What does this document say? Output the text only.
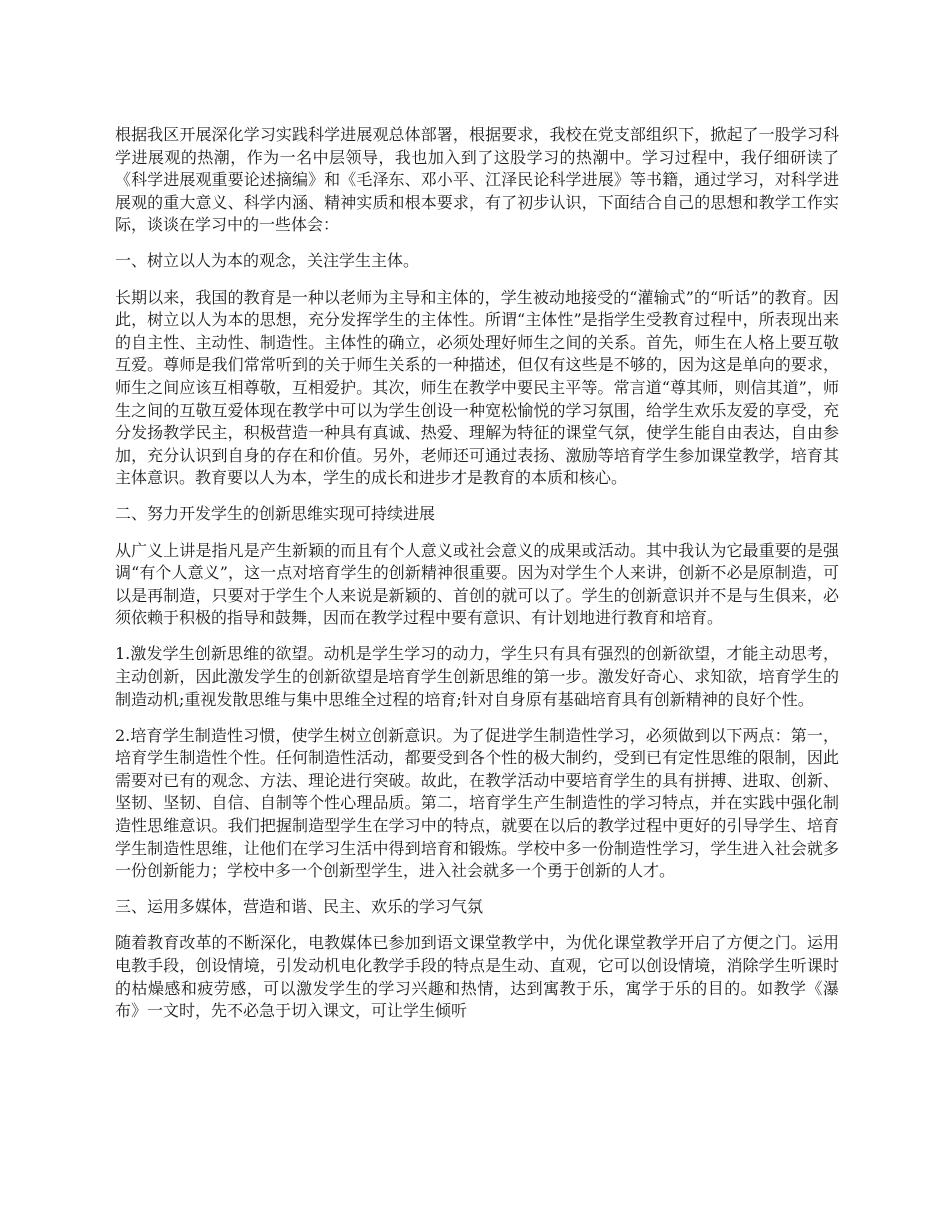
根据我区开展深化学习实践科学进展观总体部署，根据要求，我校在党支部组织下，掀起了一股学习科学进展观的热潮，作为一名中层领导，我也加入到了这股学习的热潮中。学习过程中，我仔细研读了《科学进展观重要论述摘编》和《毛泽东、邓小平、江泽民论科学进展》等书籍，通过学习，对科学进展观的重大意义、科学内涵、精神实质和根本要求，有了初步认识，下面结合自己的思想和教学工作实际，谈谈在学习中的一些体会：

一、树立以人为本的观念，关注学生主体。

长期以来，我国的教育是一种以老师为主导和主体的，学生被动地接受的“灌输式”的“听话”的教育。因此，树立以人为本的思想，充分发挥学生的主体性。所谓“主体性”是指学生受教育过程中，所表现出来的自主性、主动性、制造性。主体性的确立，必须处理好师生之间的关系。首先，师生在人格上要互敬互爱。尊师是我们常常听到的关于师生关系的一种描述，但仅有这些是不够的，因为这是单向的要求，师生之间应该互相尊敬，互相爱护。其次，师生在教学中要民主平等。常言道“尊其师，则信其道”，师生之间的互敬互爱体现在教学中可以为学生创设一种宽松愉悦的学习氛围，给学生欢乐友爱的享受，充分发扬教学民主，积极营造一种具有真诚、热爱、理解为特征的课堂气氛，使学生能自由表达，自由参加，充分认识到自身的存在和价值。另外，老师还可通过表扬、激励等培育学生参加课堂教学，培育其主体意识。教育要以人为本，学生的成长和进步才是教育的本质和核心。

二、努力开发学生的创新思维实现可持续进展

从广义上讲是指凡是产生新颖的而且有个人意义或社会意义的成果或活动。其中我认为它最重要的是强调“有个人意义”，这一点对培育学生的创新精神很重要。因为对学生个人来讲，创新不必是原制造，可以是再制造，只要对于学生个人来说是新颖的、首创的就可以了。学生的创新意识并不是与生俱来，必须依赖于积极的指导和鼓舞，因而在教学过程中要有意识、有计划地进行教育和培育。

1.激发学生创新思维的欲望。动机是学生学习的动力，学生只有具有强烈的创新欲望，才能主动思考，主动创新，因此激发学生的创新欲望是培育学生创新思维的第一步。激发好奇心、求知欲，培育学生的制造动机;重视发散思维与集中思维全过程的培育;针对自身原有基础培育具有创新精神的良好个性。

2.培育学生制造性习惯，使学生树立创新意识。为了促进学生制造性学习，必须做到以下两点：第一，培育学生制造性个性。任何制造性活动，都要受到各个性的极大制约，受到已有定性思维的限制，因此需要对已有的观念、方法、理论进行突破。故此，在教学活动中要培育学生的具有拼搏、进取、创新、坚韧、坚韧、自信、自制等个性心理品质。第二，培育学生产生制造性的学习特点，并在实践中强化制造性思维意识。我们把握制造型学生在学习中的特点，就要在以后的教学过程中更好的引导学生、培育学生制造性思维，让他们在学习生活中得到培育和锻炼。学校中多一份制造性学习，学生进入社会就多一份创新能力；学校中多一个创新型学生，进入社会就多一个勇于创新的人才。

三、运用多媒体，营造和谐、民主、欢乐的学习气氛

随着教育改革的不断深化，电教媒体已参加到语文课堂教学中，为优化课堂教学开启了方便之门。运用电教手段，创设情境，引发动机电化教学手段的特点是生动、直观，它可以创设情境，消除学生听课时的枯燥感和疲劳感，可以激发学生的学习兴趣和热情，达到寓教于乐，寓学于乐的目的。如教学《瀑布》一文时，先不必急于切入课文，可让学生倾听
